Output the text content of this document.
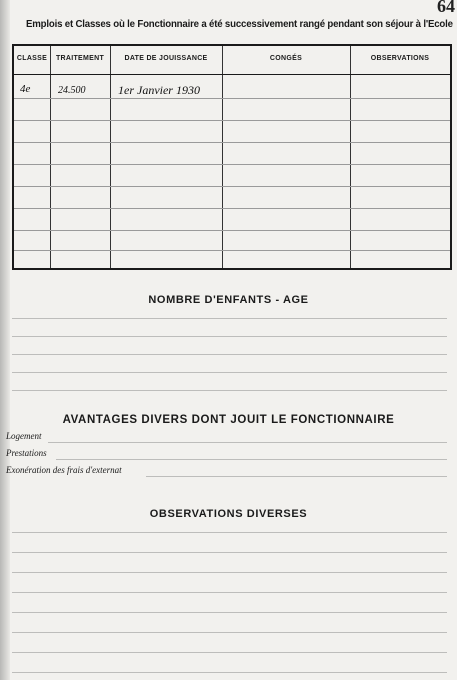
64
Emplois et Classes où le Fonctionnaire a été successivement rangé pendant son séjour à l'Ecole
CLASSE	TRAITEMENT	DATE DE JOUISSANCE	CONGÉS	OBSERVATIONS
4e	24.500	1er Janvier 1930
NOMBRE D'ENFANTS - AGE
AVANTAGES DIVERS DONT JOUIT LE FONCTIONNAIRE
Logement
Prestations
Exonération des frais d'externat
OBSERVATIONS DIVERSES
